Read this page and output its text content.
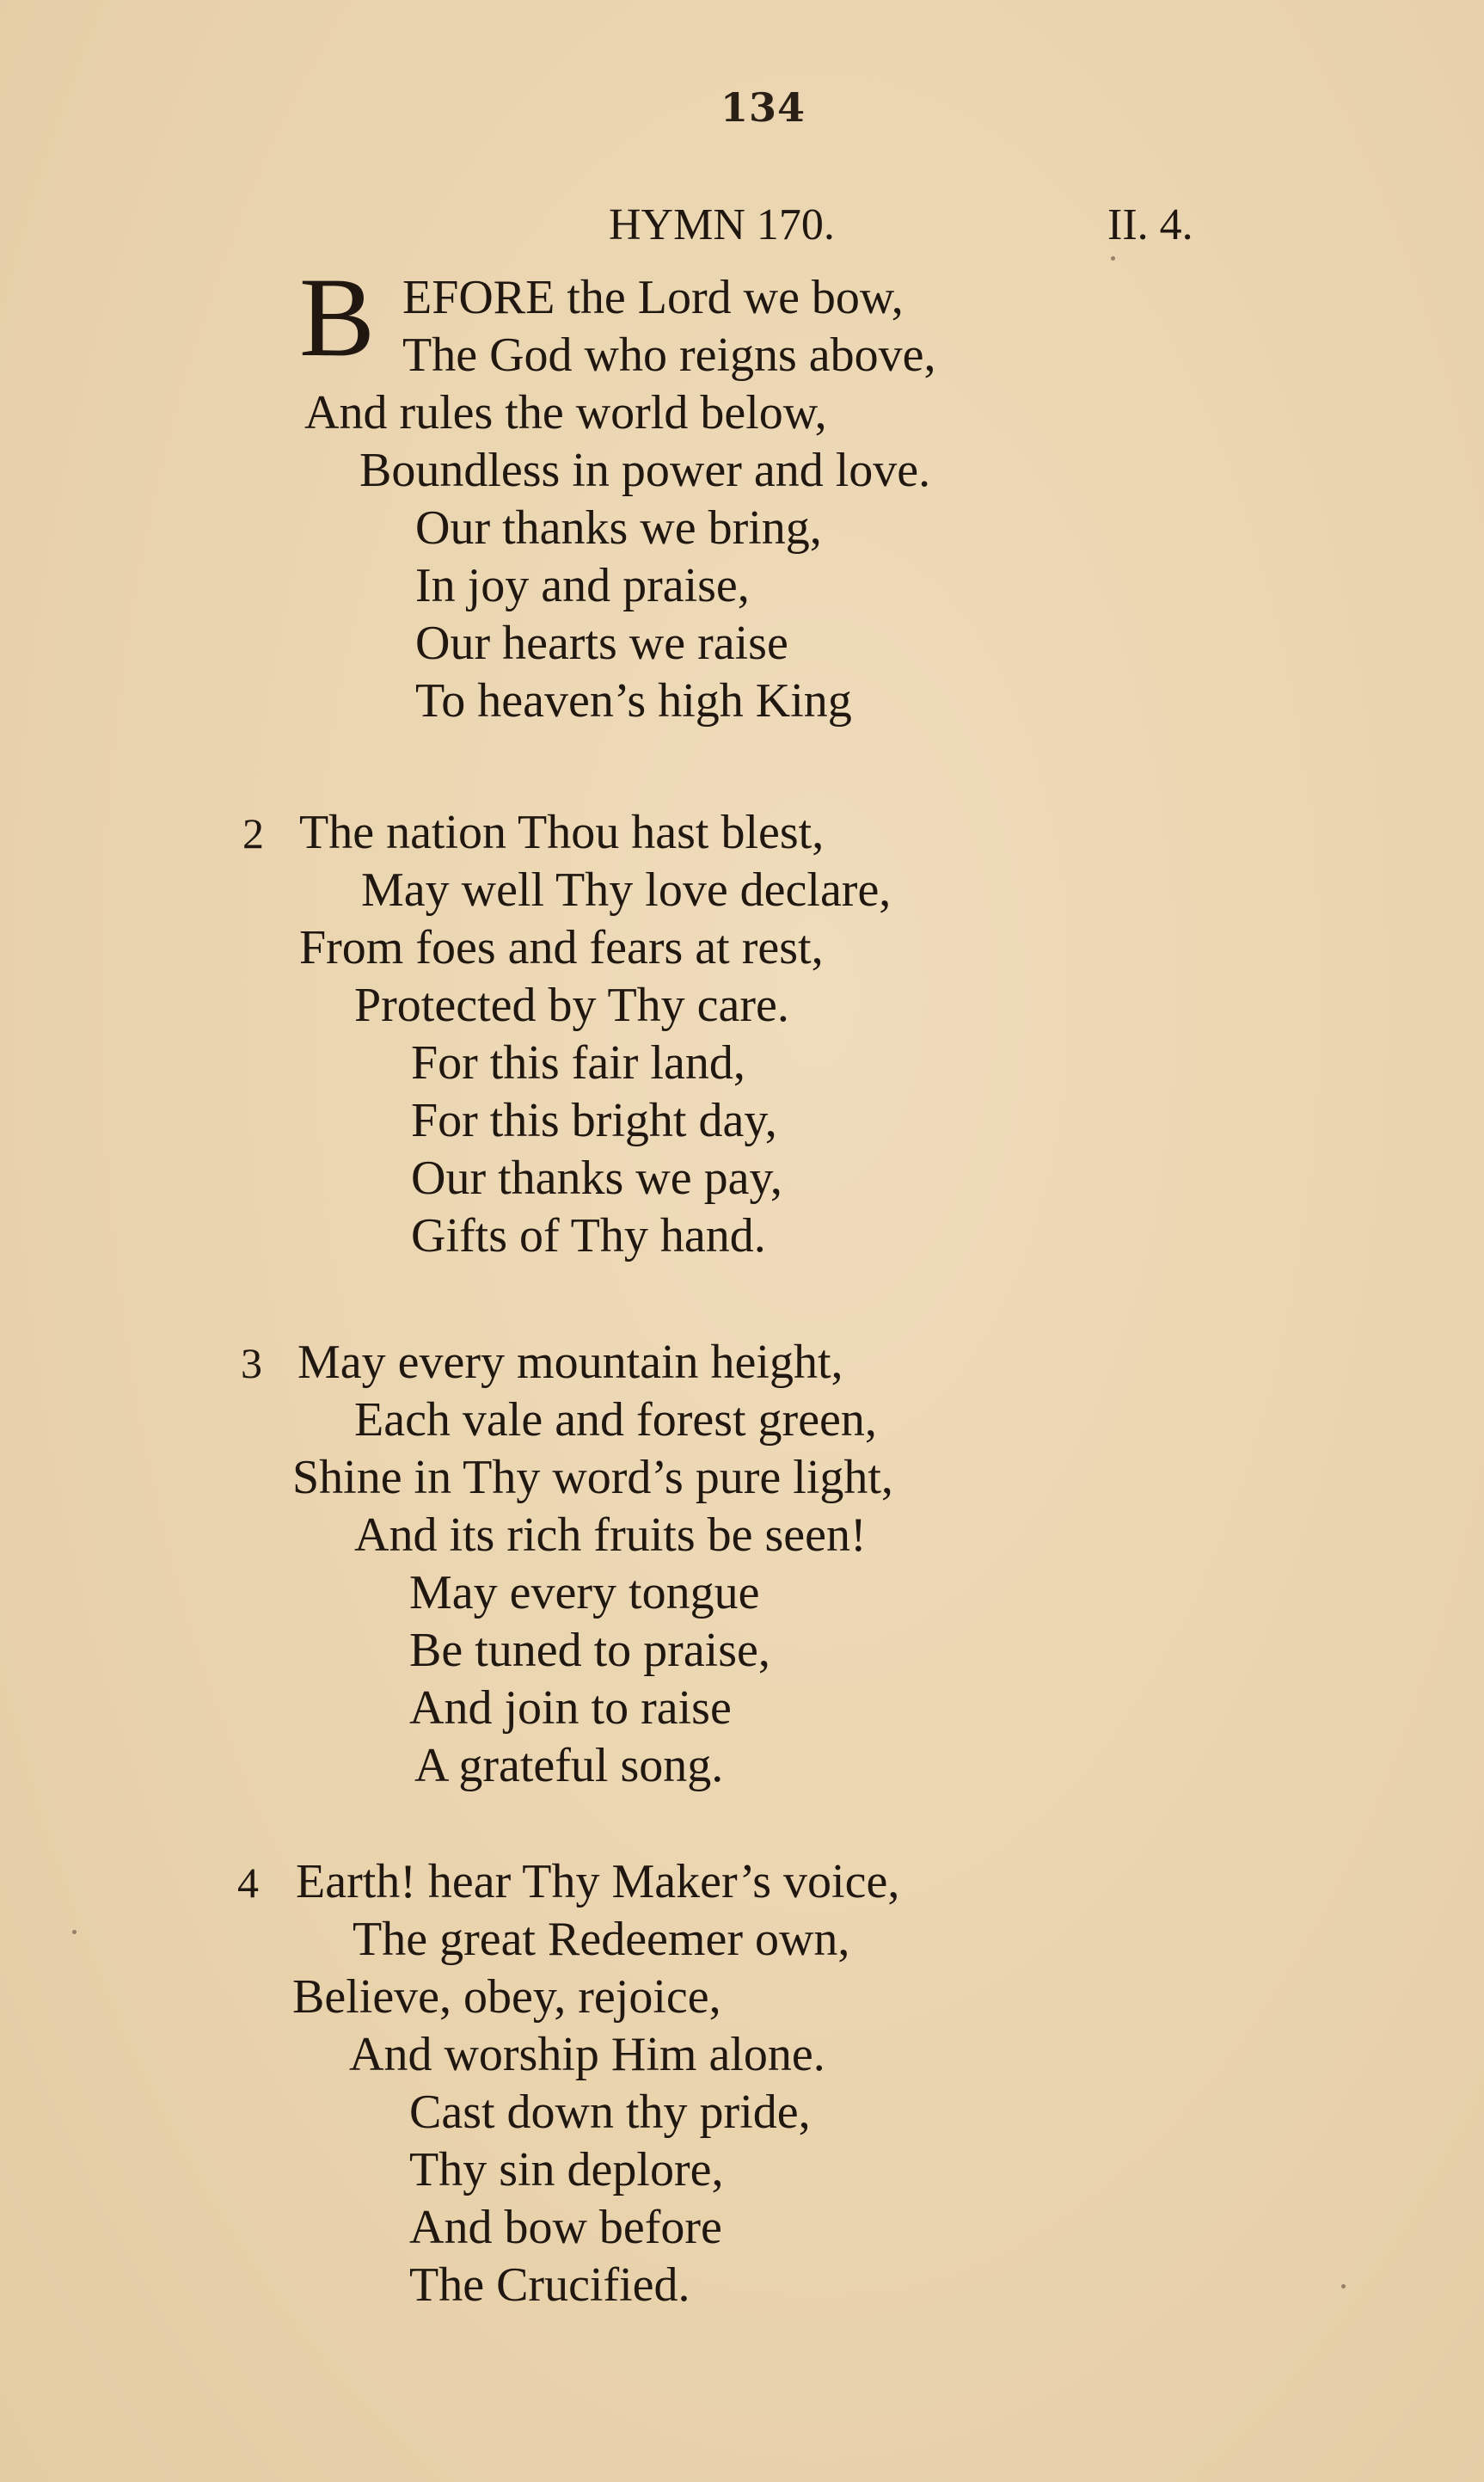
134
HYMN 170.	II. 4.
B EFORE the Lord we bow,
The God who reigns above,
And rules the world below,
Boundless in power and love.
Our thanks we bring,
In joy and praise,
Our hearts we raise
To heaven’s high King
2 The nation Thou hast blest,
May well Thy love declare,
From foes and fears at rest,
Protected by Thy care.
For this fair land,
For this bright day,
Our thanks we pay,
Gifts of Thy hand.
3 May every mountain height,
Each vale and forest green,
Shine in Thy word’s pure light,
And its rich fruits be seen!
May every tongue
Be tuned to praise,
And join to raise
A grateful song.
4 Earth! hear Thy Maker’s voice,
The great Redeemer own,
Believe, obey, rejoice,
And worship Him alone.
Cast down thy pride,
Thy sin deplore,
And bow before
The Crucified.
